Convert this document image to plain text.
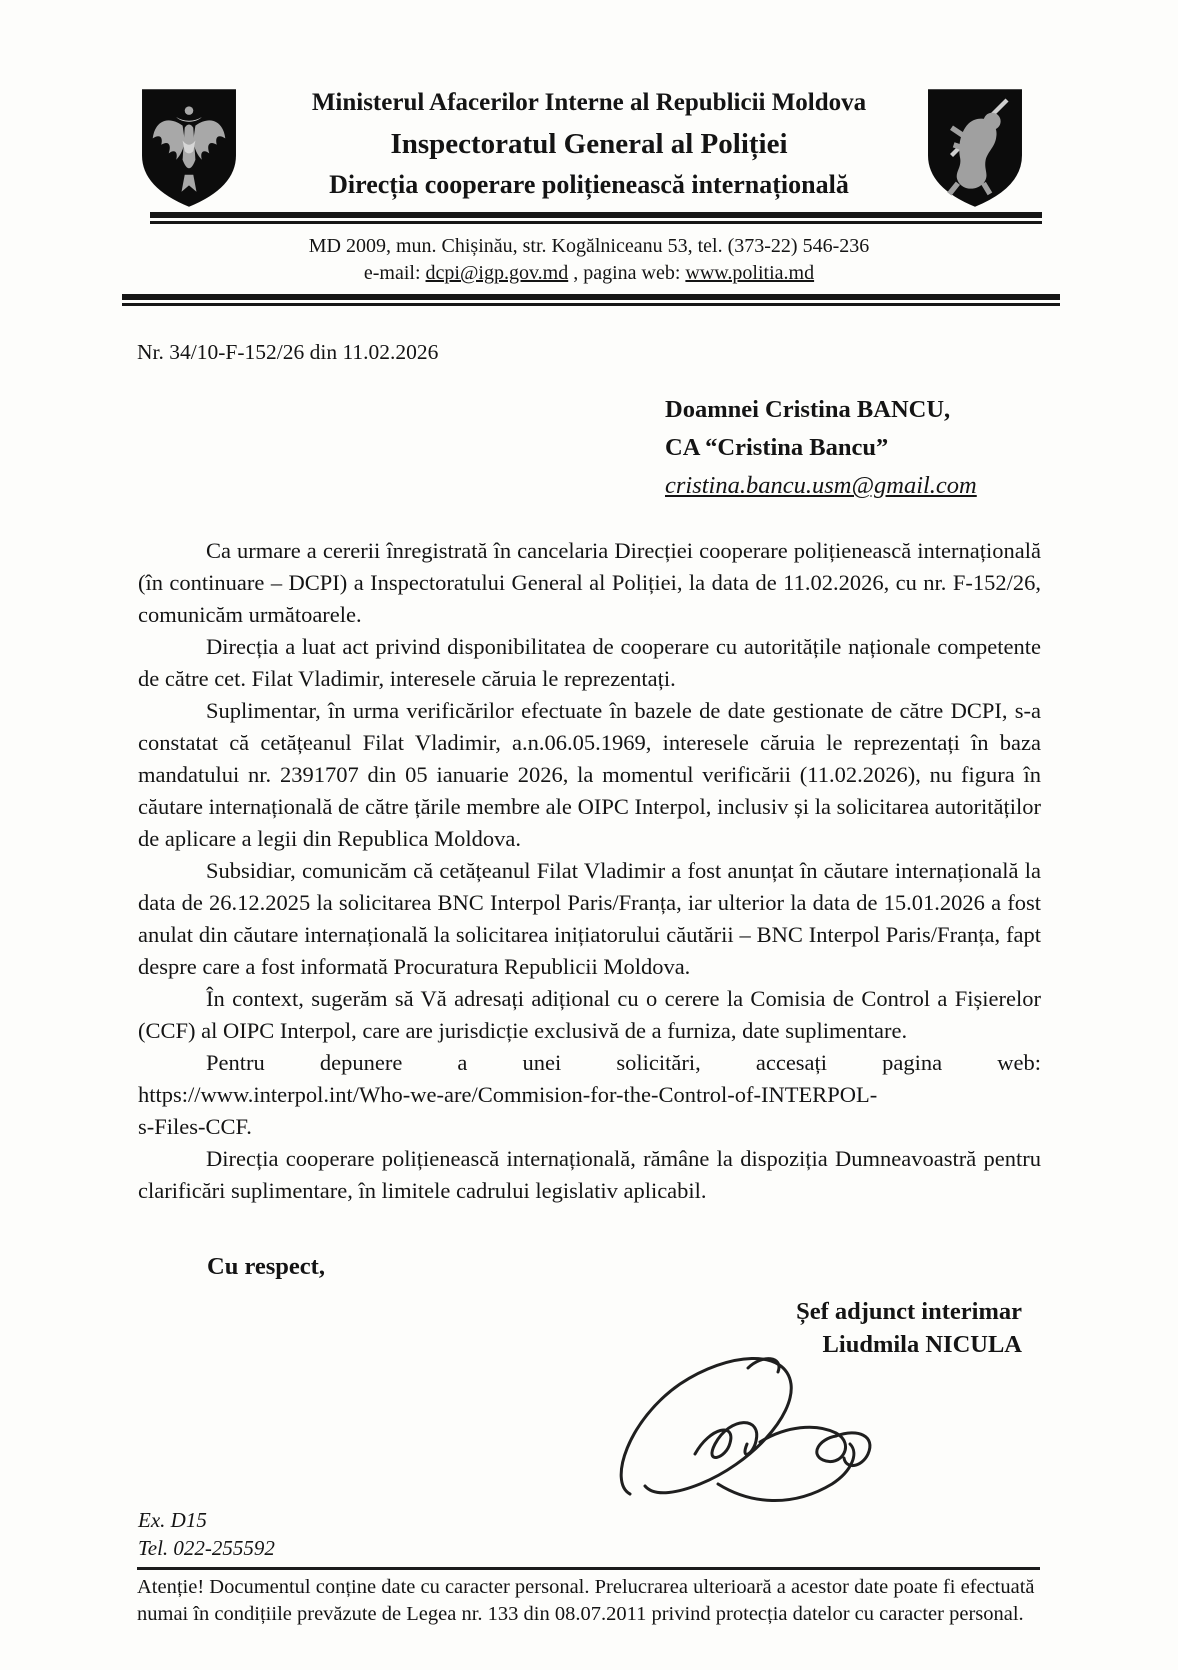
Ministerul Afacerilor Interne al Republicii Moldova
Inspectoratul General al Poliției
Direcția cooperare polițienească internațională
MD 2009, mun. Chișinău, str. Kogălniceanu 53, tel. (373-22) 546-236
e-mail: dcpi@igp.gov.md , pagina web: www.politia.md
Nr. 34/10-F-152/26 din 11.02.2026
Doamnei Cristina BANCU,
CA “Cristina Bancu”
cristina.bancu.usm@gmail.com

Ca urmare a cererii înregistrată în cancelaria Direcției cooperare polițienească internațională (în continuare – DCPI) a Inspectoratului General al Poliției, la data de 11.02.2026, cu nr. F-152/26, comunicăm următoarele.

Direcția a luat act privind disponibilitatea de cooperare cu autoritățile naționale competente de către cet. Filat Vladimir, interesele căruia le reprezentați.

Suplimentar, în urma verificărilor efectuate în bazele de date gestionate de către DCPI, s-a constatat că cetățeanul Filat Vladimir, a.n.06.05.1969, interesele căruia le reprezentați în baza mandatului nr. 2391707 din 05 ianuarie 2026, la momentul verificării (11.02.2026), nu figura în căutare internațională de către țările membre ale OIPC Interpol, inclusiv și la solicitarea autorităților de aplicare a legii din Republica Moldova.

Subsidiar, comunicăm că cetățeanul Filat Vladimir a fost anunțat în căutare internațională la data de 26.12.2025 la solicitarea BNC Interpol Paris/Franța, iar ulterior la data de 15.01.2026 a fost anulat din căutare internațională la solicitarea inițiatorului căutării – BNC Interpol Paris/Franța, fapt despre care a fost informată Procuratura Republicii Moldova.

În context, sugerăm să Vă adresați adițional cu o cerere la Comisia de Control a Fișierelor (CCF) al OIPC Interpol, care are jurisdicție exclusivă de a furniza, date suplimentare.

Pentru depunere a unei solicitări, accesați pagina web:
https://www.interpol.int/Who-we-are/Commision-for-the-Control-of-INTERPOL-
s-Files-CCF.

Direcția cooperare polițienească internațională, rămâne la dispoziția Dumneavoastră pentru clarificări suplimentare, în limitele cadrului legislativ aplicabil.

Cu respect,
Șef adjunct interimar
Liudmila NICULA
Ex. D15
Tel. 022-255592
Atenție! Documentul conține date cu caracter personal. Prelucrarea ulterioară a acestor date poate fi efectuată numai în condițiile prevăzute de Legea nr. 133 din 08.07.2011 privind protecția datelor cu caracter personal.
